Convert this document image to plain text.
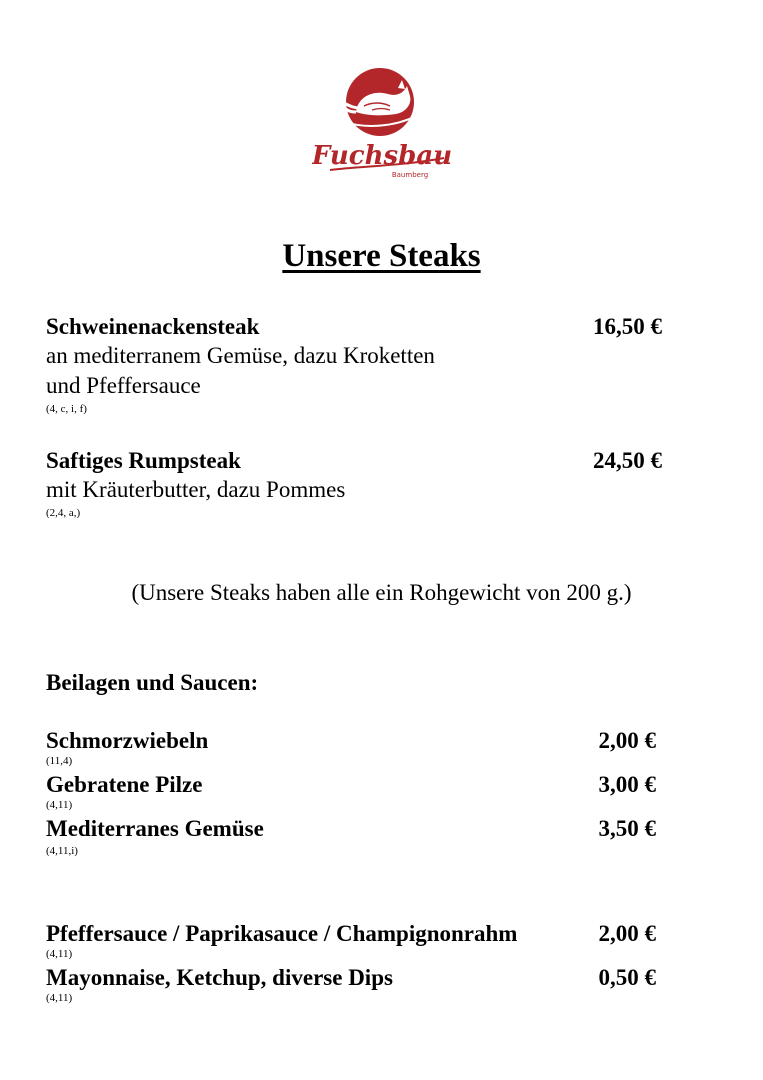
Fuchsbau
Baumberg
Unsere Steaks
Schweinenackensteak	16,50 €
an mediterranem Gemüse, dazu Kroketten
und Pfeffersauce
(4, c, i, f)
Saftiges Rumpsteak	24,50 €
mit Kräuterbutter, dazu Pommes
(2,4, a,)
(Unsere Steaks haben alle ein Rohgewicht von 200 g.)
Beilagen und Saucen:
Schmorzwiebeln	2,00 €
(11,4)
Gebratene Pilze	3,00 €
(4,11)
Mediterranes Gemüse	3,50 €
(4,11,i)
Pfeffersauce / Paprikasauce / Champignonrahm	2,00 €
(4,11)
Mayonnaise, Ketchup, diverse Dips	0,50 €
(4,11)
